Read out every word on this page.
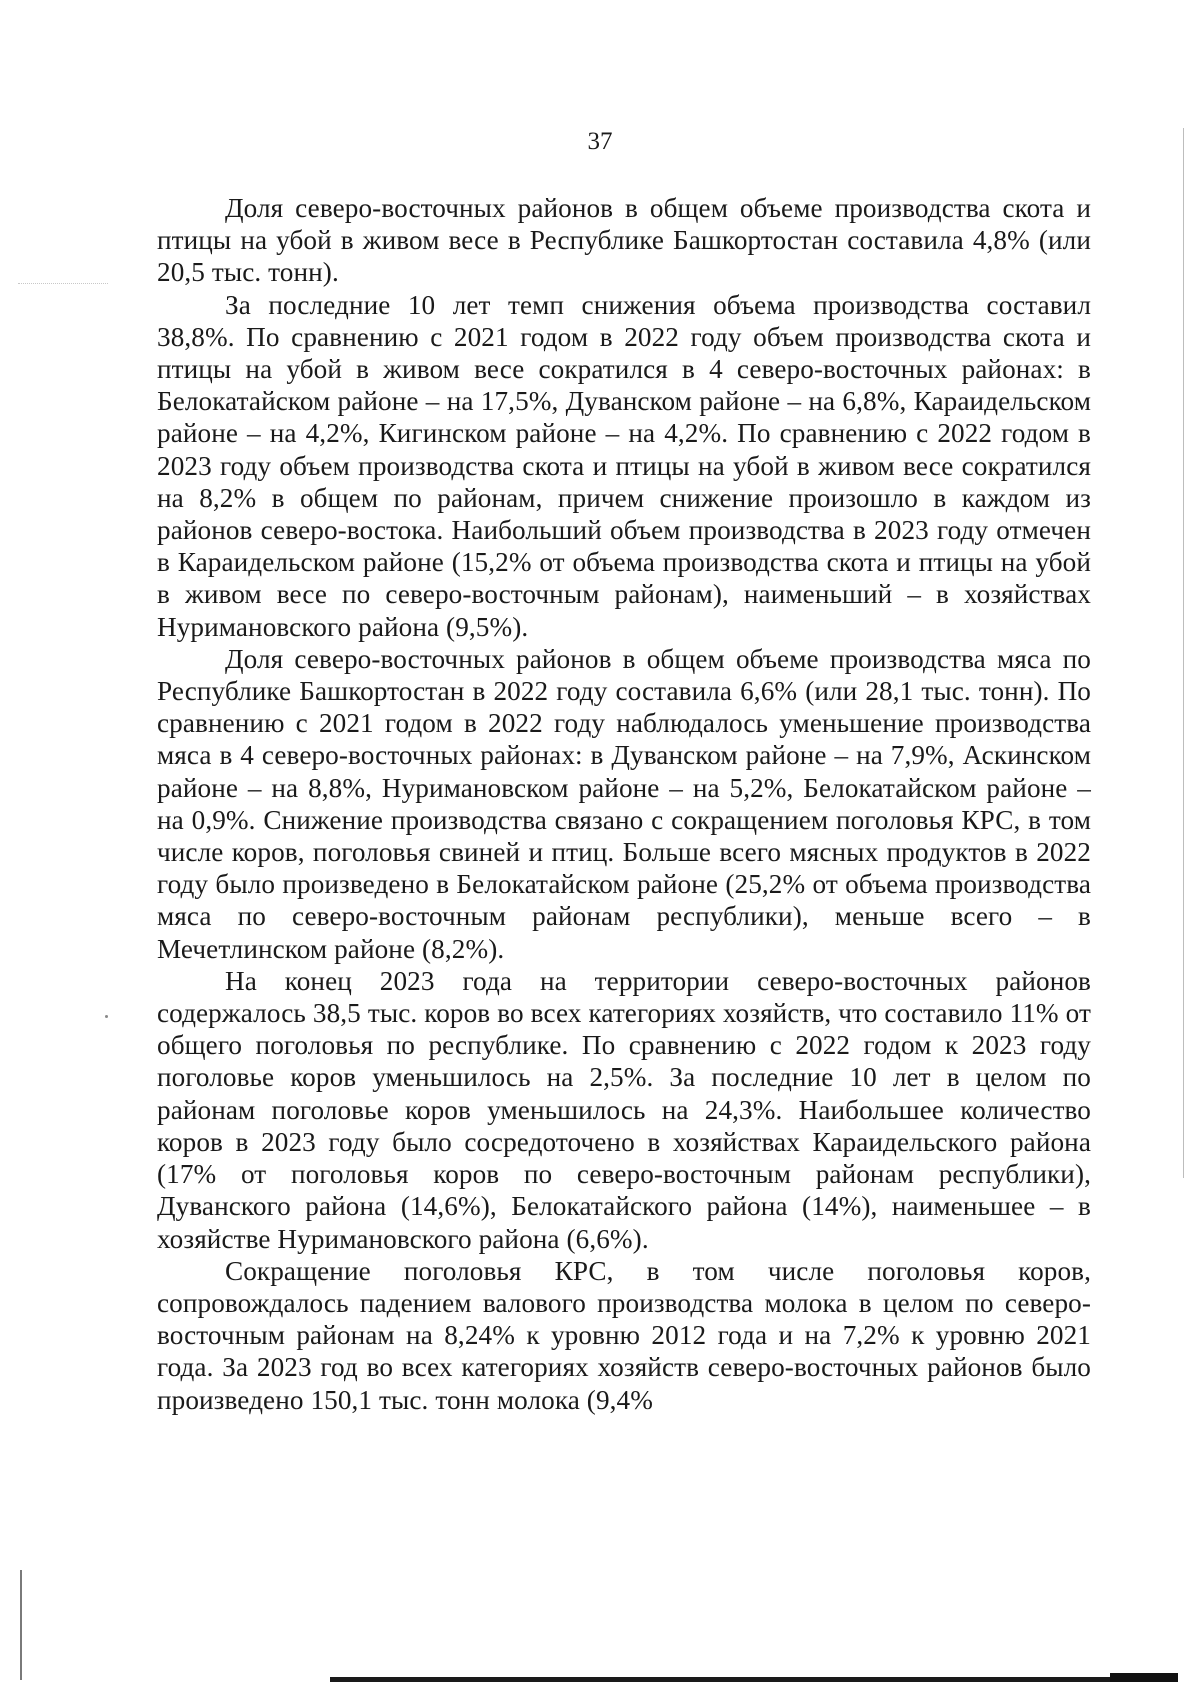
37

Доля северо-восточных районов в общем объеме производства скота и птицы на убой в живом весе в Республике Башкортостан составила 4,8% (или 20,5 тыс. тонн).

За последние 10 лет темп снижения объема производства составил 38,8%. По сравнению с 2021 годом в 2022 году объем производства скота и птицы на убой в живом весе сократился в 4 северо-восточных районах: в Белокатайском районе – на 17,5%, Дуванском районе – на 6,8%, Караидельском районе – на 4,2%, Кигинском районе – на 4,2%. По сравнению с 2022 годом в 2023 году объем производства скота и птицы на убой в живом весе сократился на 8,2% в общем по районам, причем снижение произошло в каждом из районов северо-востока. Наибольший объем производства в 2023 году отмечен в Караидельском районе (15,2% от объема производства скота и птицы на убой в живом весе по северо-восточным районам), наименьший – в хозяйствах Нуримановского района (9,5%).

Доля северо-восточных районов в общем объеме производства мяса по Республике Башкортостан в 2022 году составила 6,6% (или 28,1 тыс. тонн). По сравнению с 2021 годом в 2022 году наблюдалось уменьшение производства мяса в 4 северо-восточных районах: в Дуванском районе – на 7,9%, Аскинском районе – на 8,8%, Нуримановском районе – на 5,2%, Белокатайском районе – на 0,9%. Снижение производства связано с сокращением поголовья КРС, в том числе коров, поголовья свиней и птиц. Больше всего мясных продуктов в 2022 году было произведено в Белокатайском районе (25,2% от объема производства мяса по северо-восточным районам республики), меньше всего – в Мечетлинском районе (8,2%).

На конец 2023 года на территории северо-восточных районов содержалось 38,5 тыс. коров во всех категориях хозяйств, что составило 11% от общего поголовья по республике. По сравнению с 2022 годом к 2023 году поголовье коров уменьшилось на 2,5%. За последние 10 лет в целом по районам поголовье коров уменьшилось на 24,3%. Наибольшее количество коров в 2023 году было сосредоточено в хозяйствах Караидельского района (17% от поголовья коров по северо-восточным районам республики), Дуванского района (14,6%), Белокатайского района (14%), наименьшее – в хозяйстве Нуримановского района (6,6%).

Сокращение поголовья КРС, в том числе поголовья коров, сопровождалось падением валового производства молока в целом по северо-восточным районам на 8,24% к уровню 2012 года и на 7,2% к уровню 2021 года. За 2023 год во всех категориях хозяйств северо-восточных районов было произведено 150,1 тыс. тонн молока (9,4%
